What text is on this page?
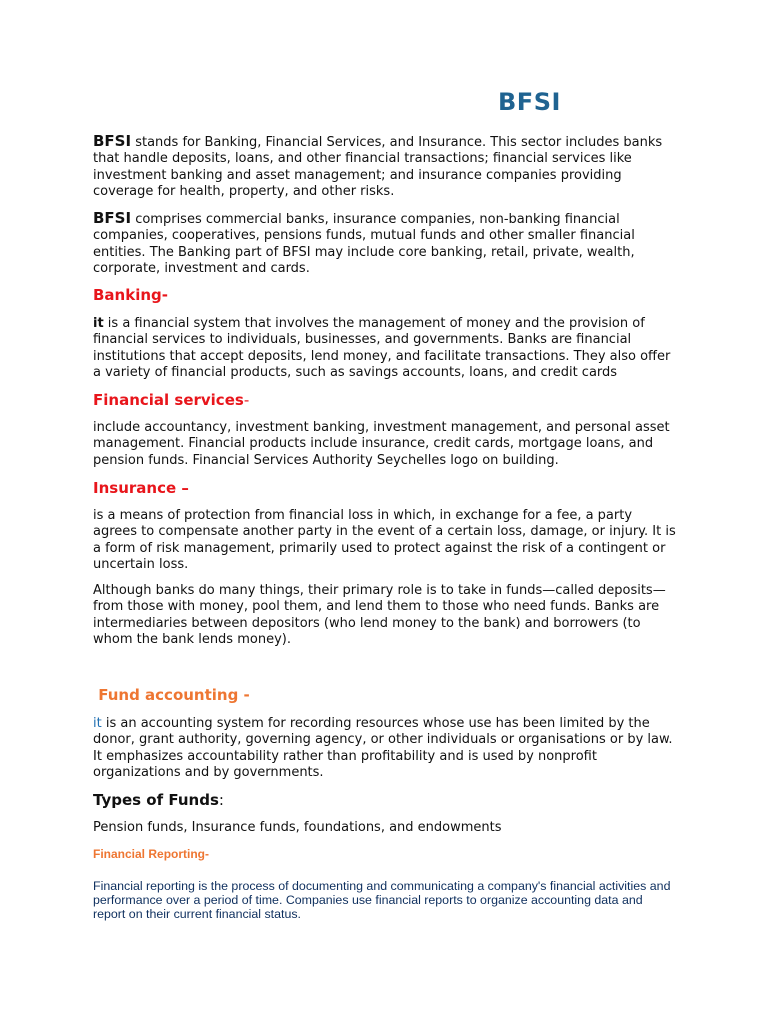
BFSI

BFSI stands for Banking, Financial Services, and Insurance. This sector includes banks that handle deposits, loans, and other financial transactions; financial services like investment banking and asset management; and insurance companies providing coverage for health, property, and other risks.

BFSI comprises commercial banks, insurance companies, non-banking financial companies, cooperatives, pensions funds, mutual funds and other smaller financial entities. The Banking part of BFSI may include core banking, retail, private, wealth, corporate, investment and cards.

Banking-

it is a financial system that involves the management of money and the provision of financial services to individuals, businesses, and governments. Banks are financial institutions that accept deposits, lend money, and facilitate transactions. They also offer a variety of financial products, such as savings accounts, loans, and credit cards

Financial services-

include accountancy, investment banking, investment management, and personal asset management. Financial products include insurance, credit cards, mortgage loans, and pension funds. Financial Services Authority Seychelles logo on building.

Insurance –

is a means of protection from financial loss in which, in exchange for a fee, a party agrees to compensate another party in the event of a certain loss, damage, or injury. It is a form of risk management, primarily used to protect against the risk of a contingent or uncertain loss.

Although banks do many things, their primary role is to take in funds—called deposits—from those with money, pool them, and lend them to those who need funds. Banks are intermediaries between depositors (who lend money to the bank) and borrowers (to whom the bank lends money).

Fund accounting -

it is an accounting system for recording resources whose use has been limited by the donor, grant authority, governing agency, or other individuals or organisations or by law. It emphasizes accountability rather than profitability and is used by nonprofit organizations and by governments.

Types of Funds:

Pension funds, Insurance funds, foundations, and endowments

Financial Reporting-

Financial reporting is the process of documenting and communicating a company's financial activities and performance over a period of time. Companies use financial reports to organize accounting data and report on their current financial status.
